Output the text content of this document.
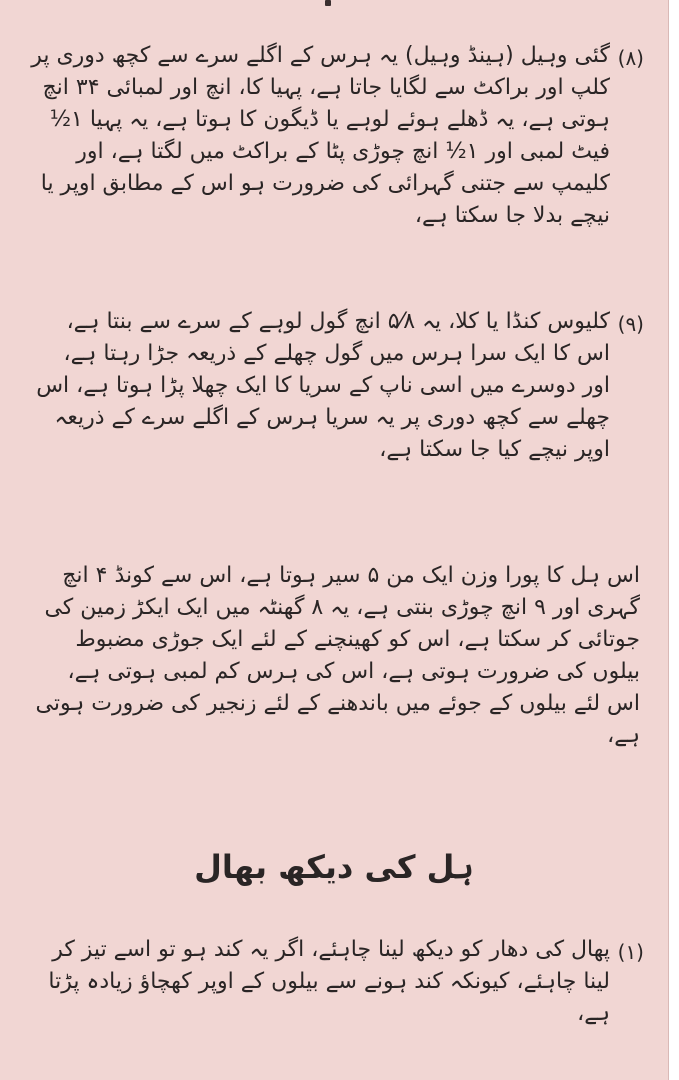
(۸)
گئی وہیل (ہینڈ وہیل) یہ ہرس کے اگلے سرے سے کچھ دوری پر کلپ اور براکٹ سے لگایا جاتا ہے، پہیا کا، انچ اور لمبائی ۳۴ انچ ہوتی ہے، یہ ڈھلے ہوئے لوہے یا ڈیگون کا ہوتا ہے، یہ پہیا ۱½ فیٹ لمبی اور ۱½ انچ چوڑی پٹا کے براکٹ میں لگتا ہے، اور کلیمپ سے جتنی گہرائی کی ضرورت ہو اس کے مطابق اوپر یا نیچے بدلا جا سکتا ہے،
(۹)
کلیوس کنڈا یا کلا، یہ ۵⁄۸ انچ گول لوہے کے سرے سے بنتا ہے، اس کا ایک سرا ہرس میں گول چھلے کے ذریعہ جڑا رہتا ہے، اور دوسرے میں اسی ناپ کے سریا کا ایک چھلا پڑا ہوتا ہے، اس چھلے سے کچھ دوری پر یہ سریا ہرس کے اگلے سرے کے ذریعہ اوپر نیچے کیا جا سکتا ہے،
اس ہل کا پورا وزن ایک من ۵ سیر ہوتا ہے، اس سے کونڈ ۴ انچ گہری اور ۹ انچ چوڑی بنتی ہے، یہ ۸ گھنٹہ میں ایک ایکڑ زمین کی جوتائی کر سکتا ہے، اس کو کھینچنے کے لئے ایک جوڑی مضبوط بیلوں کی ضرورت ہوتی ہے، اس کی ہرس کم لمبی ہوتی ہے، اس لئے بیلوں کے جوئے میں باندھنے کے لئے زنجیر کی ضرورت ہوتی ہے،
ہل کی دیکھ بھال
(۱)
پھال کی دھار کو دیکھ لینا چاہئے، اگر یہ کند ہو تو اسے تیز کر لینا چاہئے، کیونکہ کند ہونے سے بیلوں کے اوپر کھچاؤ زیادہ پڑتا ہے،
